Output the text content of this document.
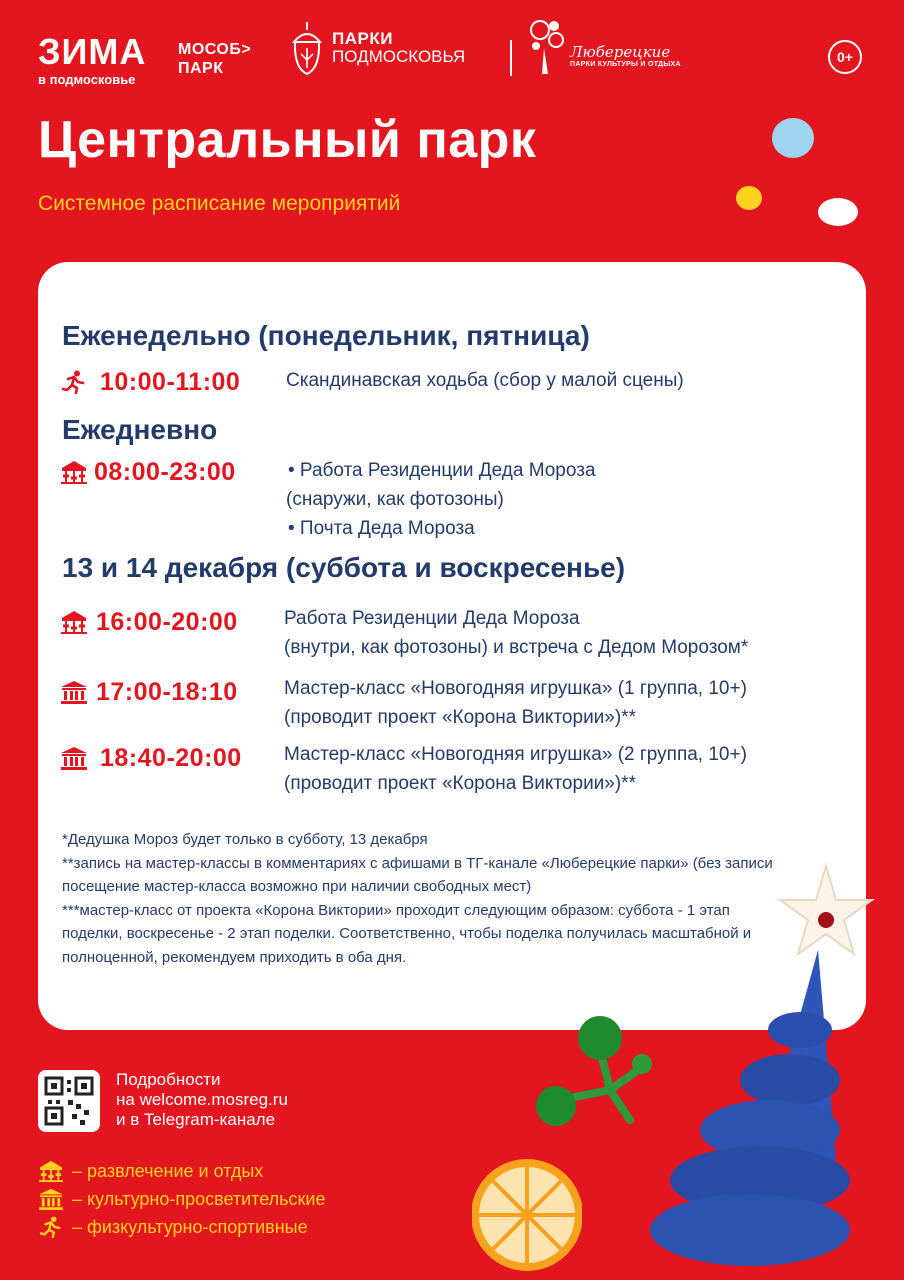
ЗИМА
в подмосковье
МОСОБ>
ПАРК
ПАРКИ
ПОДМОСКОВЬЯ	Люберецкие
ПАРКИ КУЛЬТУРЫ И ОТДЫХА	0+
Центральный парк
Системное расписание мероприятий
Еженедельно (понедельник, пятница)
10:00-11:00 Скандинавская ходьба (сбор у малой сцены)
Ежедневно
08:00-23:00	• Работа Резиденции Деда Мороза
(снаружи, как фотозоны)
• Почта Деда Мороза
13 и 14 декабря (суббота и воскресенье)
16:00-20:00 Работа Резиденции Деда Мороза
(внутри, как фотозоны) и встреча с Дедом Морозом*
17:00-18:10 Мастер-класс «Новогодняя игрушка» (1 группа, 10+)
(проводит проект «Корона Виктории»)**
18:40-20:00 Мастер-класс «Новогодняя игрушка» (2 группа, 10+)
(проводит проект «Корона Виктории»)**

*Дедушка Мороз будет только в субботу, 13 декабря

**запись на мастер-классы в комментариях с афишами в ТГ-канале «Люберецкие парки» (без записи посещение мастер-класса возможно при наличии свободных мест)

***мастер-класс от проекта «Корона Виктории» проходит следующим образом: суббота - 1 этап поделки, воскресенье - 2 этап поделки. Соответственно, чтобы поделка получилась масштабной и полноценной, рекомендуем приходить в оба дня.

Подробности
на welcome.mosreg.ru
и в Telegram-канале
– развлечение и отдых
– культурно-просветительские
– физкультурно-спортивные
